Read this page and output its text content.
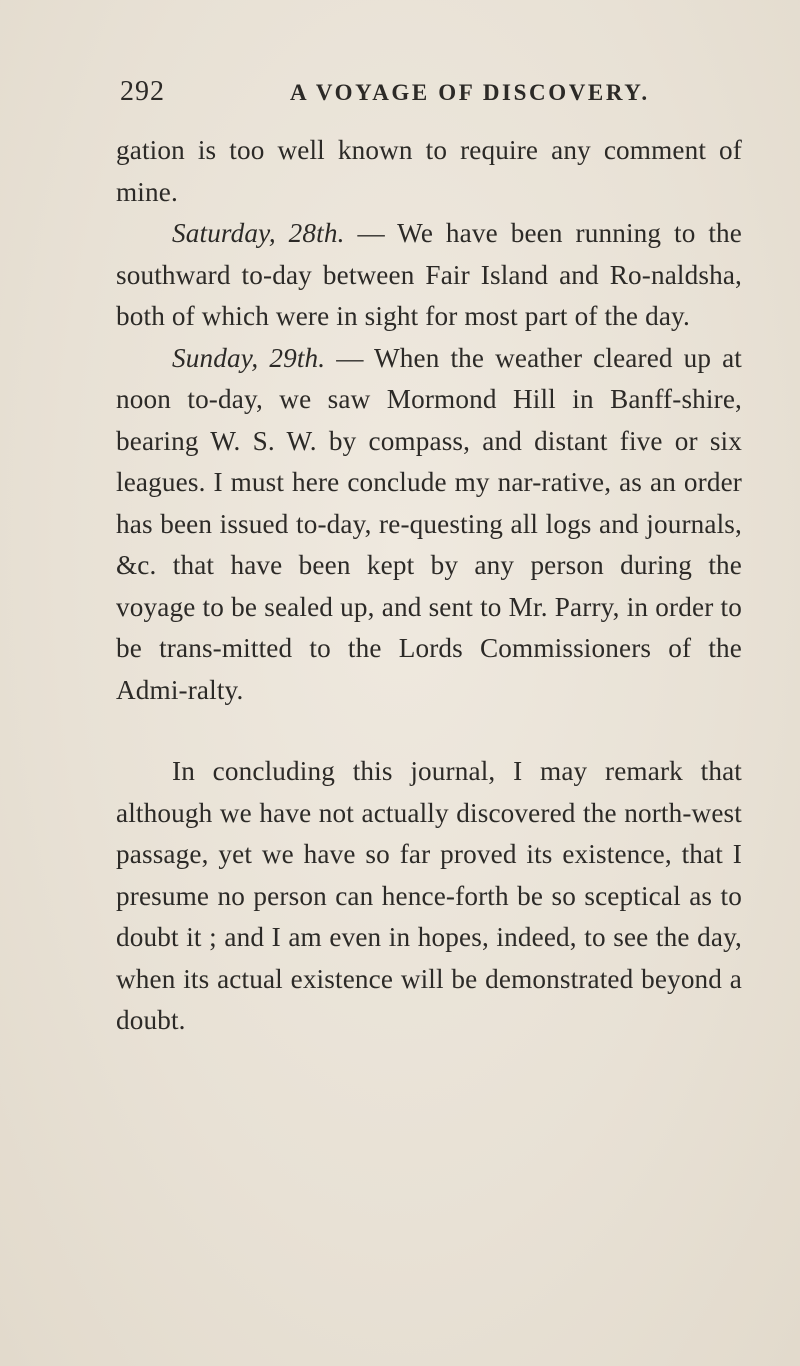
292	A VOYAGE OF DISCOVERY.

gation is too well known to require any comment of mine.

Saturday, 28th. — We have been running to the southward to-day between Fair Island and Ro-naldsha, both of which were in sight for most part of the day.

Sunday, 29th. — When the weather cleared up at noon to-day, we saw Mormond Hill in Banff-shire, bearing W. S. W. by compass, and distant five or six leagues. I must here conclude my nar-rative, as an order has been issued to-day, re-questing all logs and journals, &c. that have been kept by any person during the voyage to be sealed up, and sent to Mr. Parry, in order to be trans-mitted to the Lords Commissioners of the Admi-ralty.

In concluding this journal, I may remark that although we have not actually discovered the north-west passage, yet we have so far proved its existence, that I presume no person can hence-forth be so sceptical as to doubt it ; and I am even in hopes, indeed, to see the day, when its actual existence will be demonstrated beyond a doubt.
